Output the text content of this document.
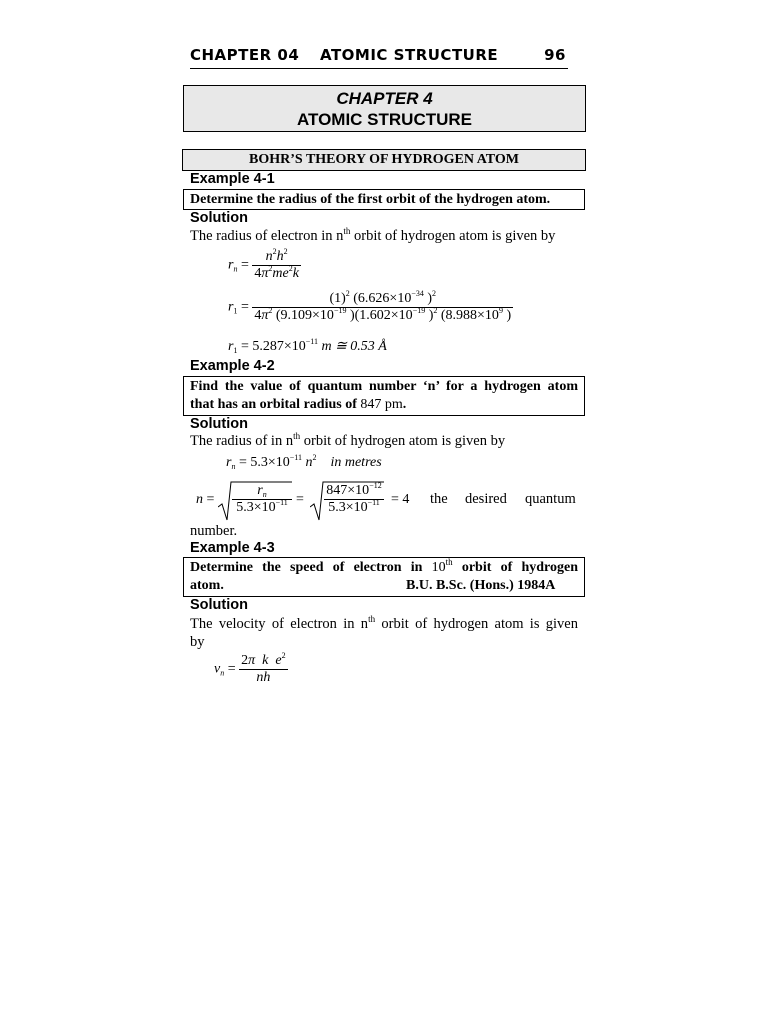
CHAPTER 04 ATOMIC STRUCTURE	96
CHAPTER 4
ATOMIC STRUCTURE
BOHR’S THEORY OF HYDROGEN ATOM
Example 4-1
Determine the radius of the first orbit of the hydrogen atom.
Solution
The radius of electron in $n^{th}$ orbit of hydrogen atom is given by
$r_n = \frac{n^2h^2}{4\pi^2me^2k}$
$r_1 = \frac{(1)^2 (6.626\times 10^{-34} )^2}{4\pi^2 (9.109\times 10^{-19} )(1.602\times 10^{-19} )^2 (8.988\times 10^9 )}$
$r_1 = 5.287\times 10^{-11}$ m ≅ 0.53 Å
Example 4-2
Find the value of quantum number ‘n’ for a hydrogen atom
that has an orbital radius of 847 pm.
Solution
The radius of in $n^{th}$ orbit of hydrogen atom is given by
$r_n = 5.3\times 10^{-11}$ $n^2$ in metres
$n = \frac{r_n}{5.3\times 10^{-11}} = \frac{847\times 10^{-12}}{5.3\times 10^{-11}} = 4$ the desired quantum
number.
Example 4-3
Determine the speed of electron in 10th orbit of hydrogen
atom.	B.U. B.Sc. (Hons.) 1984A
Solution
The velocity of electron in $n^{th}$ orbit of hydrogen atom is given
by
$v_n = \frac{2\pi k e^2}{nh}$
